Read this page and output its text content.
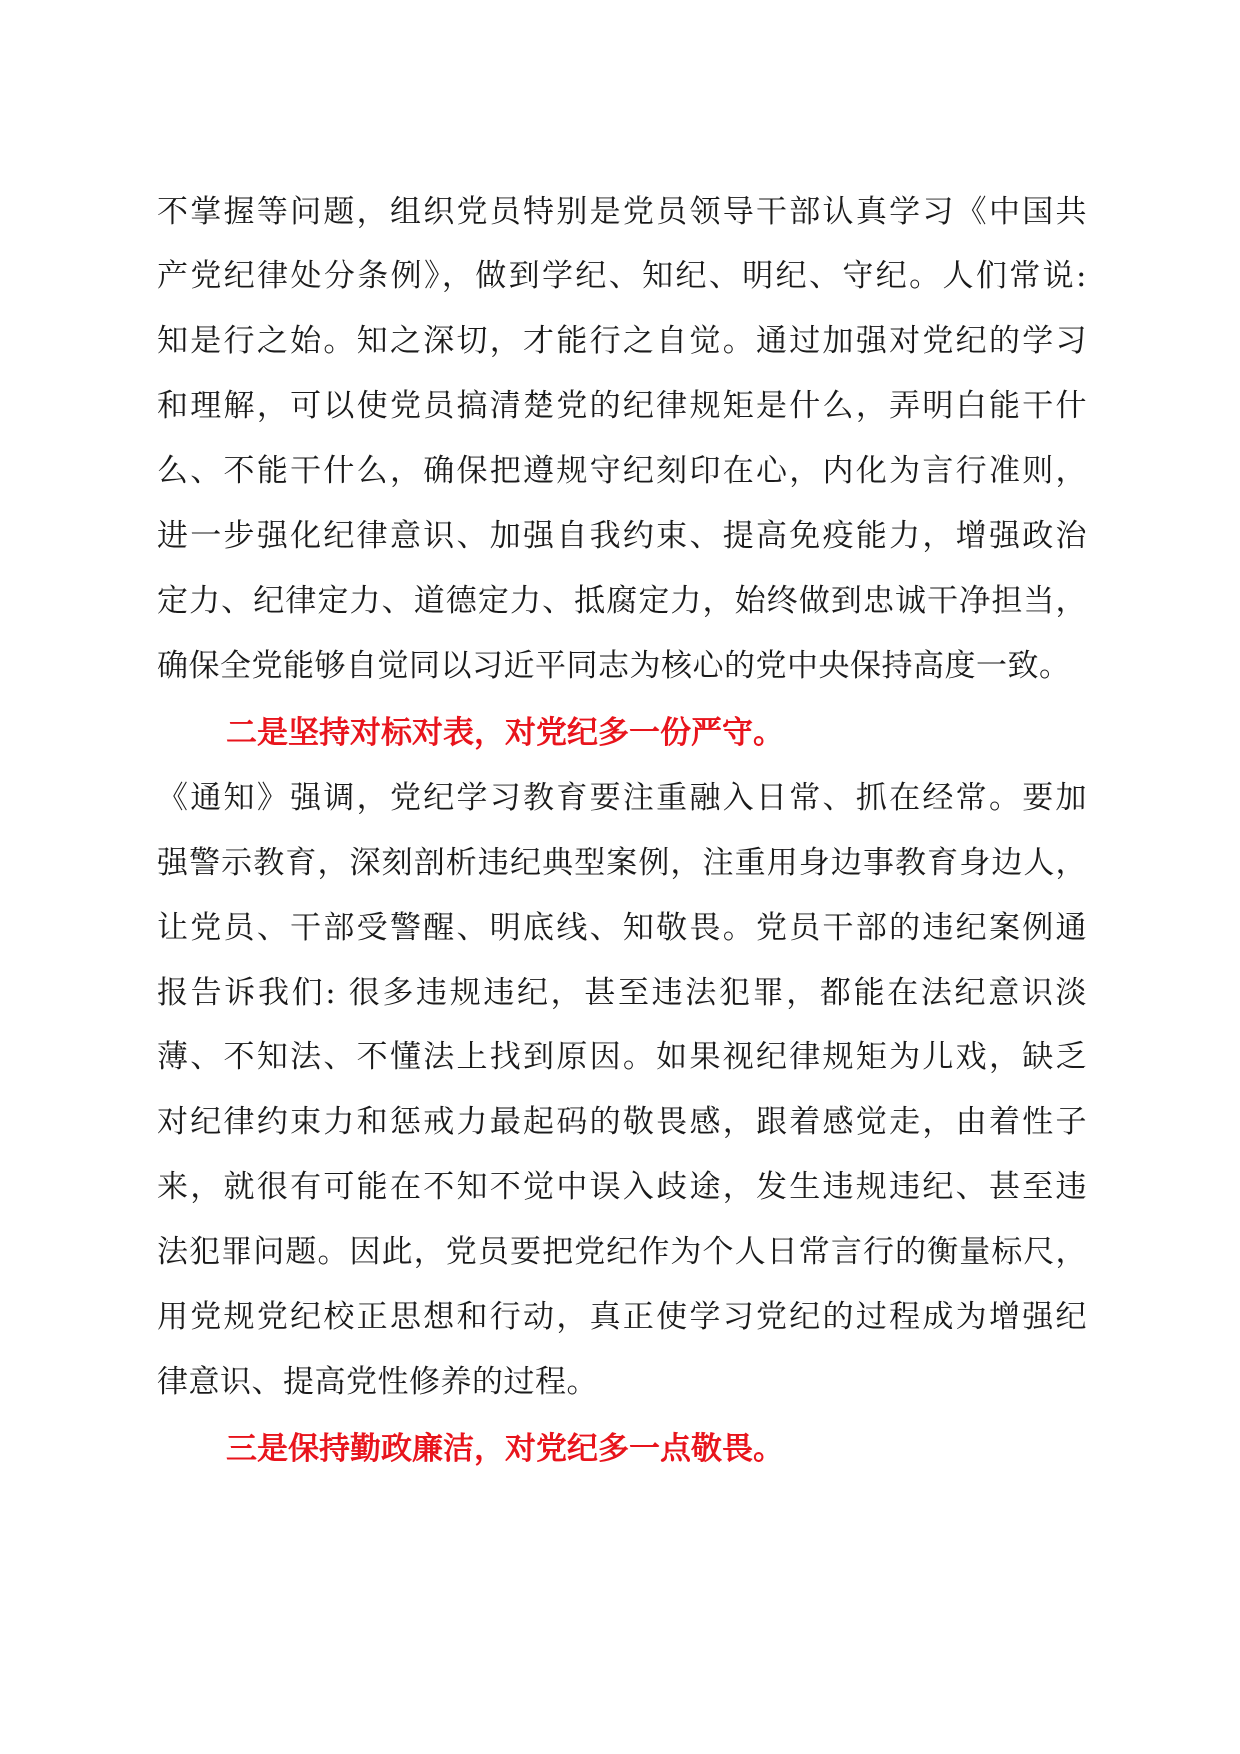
不掌握等问题，组织党员特别是党员领导干部认真学习《中国共
产党纪律处分条例》，做到学纪、知纪、明纪、守纪。人们常说:
知是行之始。知之深切，才能行之自觉。通过加强对党纪的学习
和理解，可以使党员搞清楚党的纪律规矩是什么，弄明白能干什
么、不能干什么，确保把遵规守纪刻印在心，内化为言行准则，
进一步强化纪律意识、加强自我约束、提高免疫能力，增强政治
定力、纪律定力、道德定力、抵腐定力，始终做到忠诚干净担当，
确保全党能够自觉同以习近平同志为核心的党中央保持高度一致。
二是坚持对标对表，对党纪多一份严守。
《通知》强调，党纪学习教育要注重融入日常、抓在经常。要加
强警示教育，深刻剖析违纪典型案例，注重用身边事教育身边人，
让党员、干部受警醒、明底线、知敬畏。党员干部的违纪案例通
报告诉我们: 很多违规违纪，甚至违法犯罪，都能在法纪意识淡
薄、不知法、不懂法上找到原因。如果视纪律规矩为儿戏，缺乏
对纪律约束力和惩戒力最起码的敬畏感，跟着感觉走，由着性子
来，就很有可能在不知不觉中误入歧途，发生违规违纪、甚至违
法犯罪问题。因此，党员要把党纪作为个人日常言行的衡量标尺，
用党规党纪校正思想和行动，真正使学习党纪的过程成为增强纪
律意识、提高党性修养的过程。
三是保持勤政廉洁，对党纪多一点敬畏。
